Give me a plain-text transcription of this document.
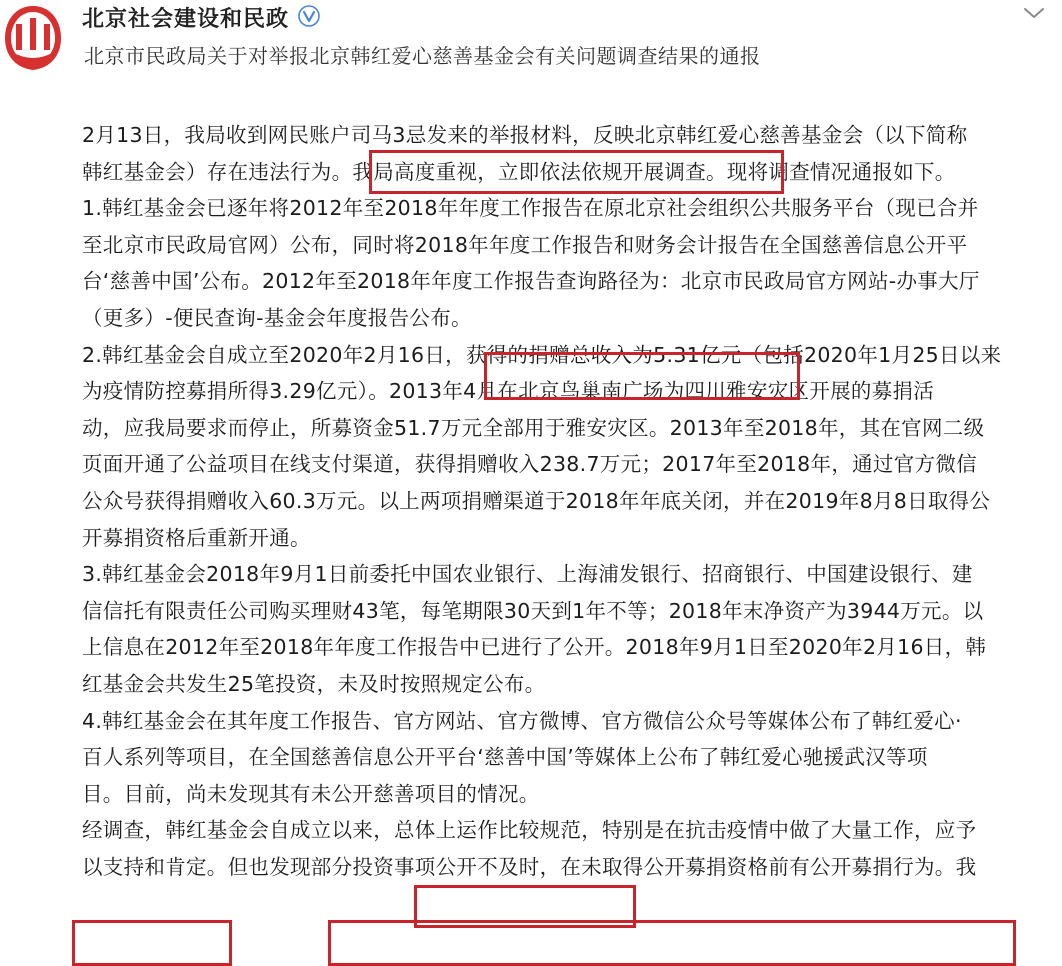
北京社会建设和民政
北京市民政局关于对举报北京韩红爱心慈善基金会有关问题调查结果的通报
2月13日，我局收到网民账户司马3忌发来的举报材料，反映北京韩红爱心慈善基金会（以下简称
韩红基金会）存在违法行为。我局高度重视，立即依法依规开展调查。现将调查情况通报如下。
1.韩红基金会已逐年将2012年至2018年年度工作报告在原北京社会组织公共服务平台（现已合并
至北京市民政局官网）公布，同时将2018年年度工作报告和财务会计报告在全国慈善信息公开平
台‘慈善中国’公布。2012年至2018年年度工作报告查询路径为：北京市民政局官方网站-办事大厅
（更多）-便民查询-基金会年度报告公布。
2.韩红基金会自成立至2020年2月16日，获得的捐赠总收入为5.31亿元（包括2020年1月25日以来
为疫情防控募捐所得3.29亿元）。2013年4月在北京鸟巢南广场为四川雅安灾区开展的募捐活
动，应我局要求而停止，所募资金51.7万元全部用于雅安灾区。2013年至2018年，其在官网二级
页面开通了公益项目在线支付渠道，获得捐赠收入238.7万元；2017年至2018年，通过官方微信
公众号获得捐赠收入60.3万元。以上两项捐赠渠道于2018年年底关闭，并在2019年8月8日取得公
开募捐资格后重新开通。
3.韩红基金会2018年9月1日前委托中国农业银行、上海浦发银行、招商银行、中国建设银行、建
信信托有限责任公司购买理财43笔，每笔期限30天到1年不等；2018年末净资产为3944万元。以
上信息在2012年至2018年年度工作报告中已进行了公开。2018年9月1日至2020年2月16日，韩
红基金会共发生25笔投资，未及时按照规定公布。
4.韩红基金会在其年度工作报告、官方网站、官方微博、官方微信公众号等媒体公布了韩红爱心·
百人系列等项目，在全国慈善信息公开平台‘慈善中国’等媒体上公布了韩红爱心驰援武汉等项
目。目前，尚未发现其有未公开慈善项目的情况。
经调查，韩红基金会自成立以来，总体上运作比较规范，特别是在抗击疫情中做了大量工作，应予
以支持和肯定。但也发现部分投资事项公开不及时，在未取得公开募捐资格前有公开募捐行为。我
